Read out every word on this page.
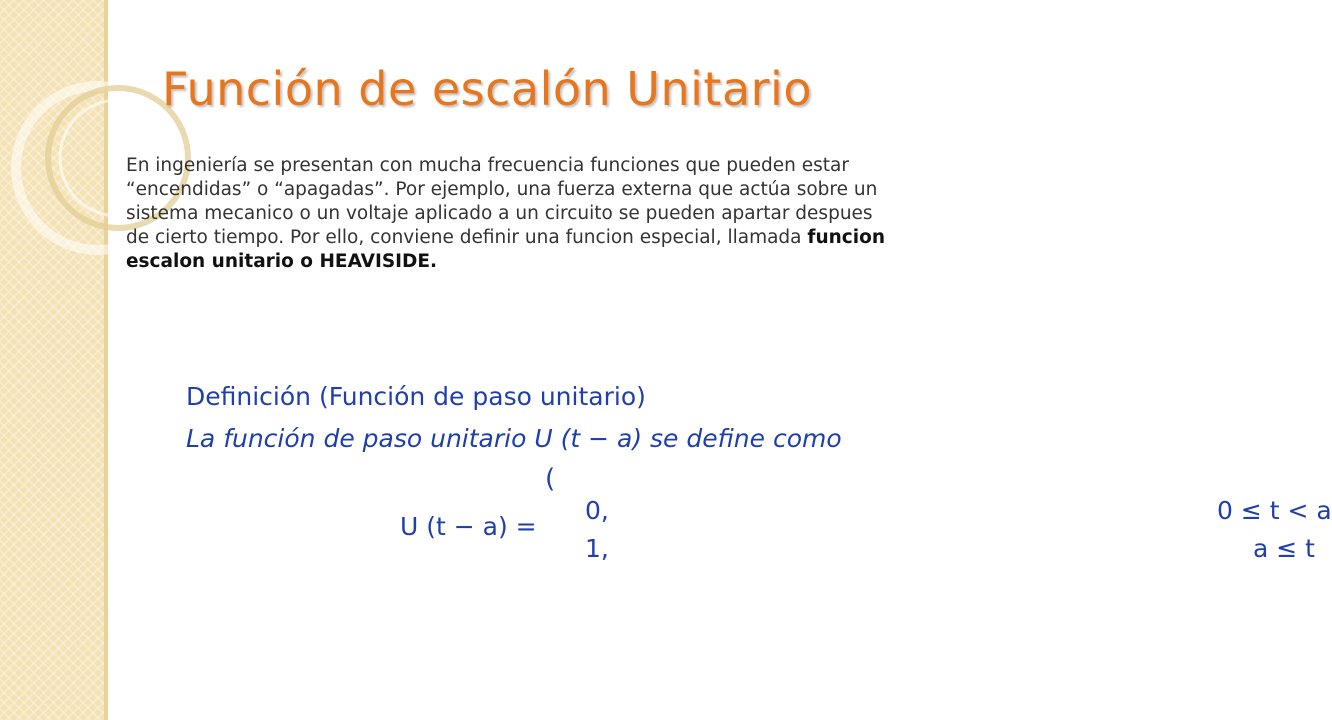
Función de escalón Unitario
En ingeniería se presentan con mucha frecuencia funciones que pueden estar “encendidas” o “apagadas”. Por ejemplo, una fuerza externa que actúa sobre un sistema mecanico o un voltaje aplicado a un circuito se pueden apartar despues de cierto tiempo. Por ello, conviene definir una funcion especial, llamada funcion escalon unitario o HEAVISIDE.
Definición (Función de paso unitario)
La función de paso unitario U (t − a) se define como
(
U (t − a) =
0,	0 ≤ t < a
1,	a ≤ t
